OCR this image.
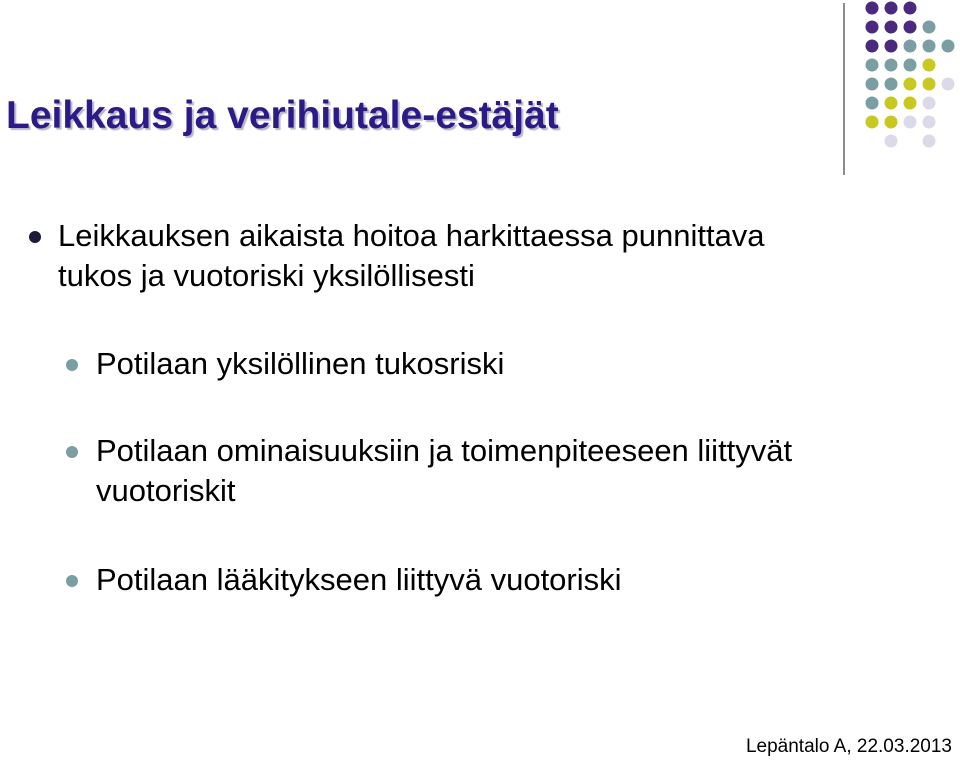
Leikkaus ja verihiutale-estäjät
Leikkauksen aikaista hoitoa harkittaessa punnittava
tukos ja vuotoriski yksilöllisesti
Potilaan yksilöllinen tukosriski
Potilaan ominaisuuksiin ja toimenpiteeseen liittyvät
vuotoriskit
Potilaan lääkitykseen liittyvä vuotoriski
Lepäntalo A, 22.03.2013
